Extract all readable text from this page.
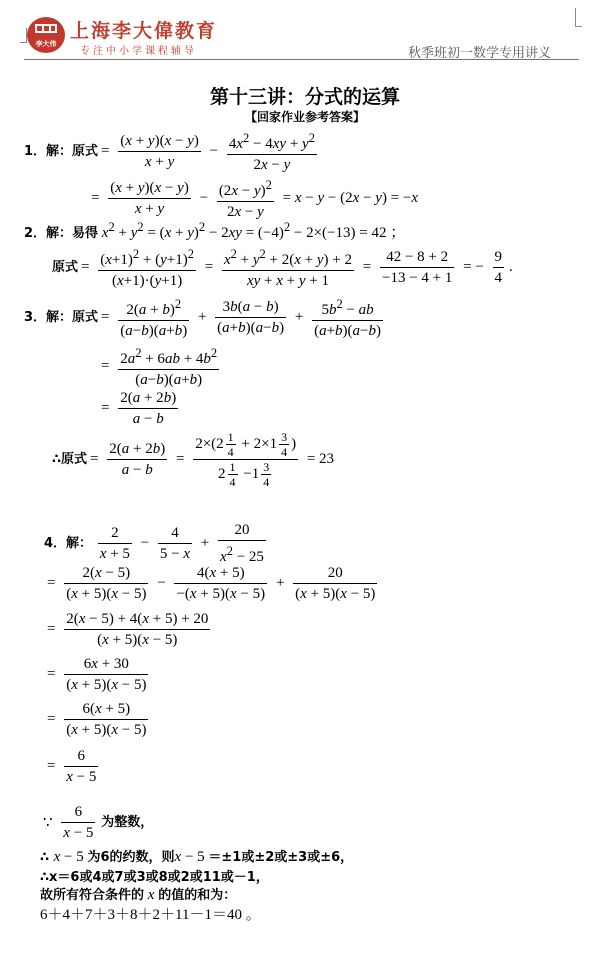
李大伟
上海李大偉教育
专注中小学课程辅导	秋季班初一数学专用讲义
第十三讲：分式的运算
【回家作业参考答案】
1．解：原式 = $\frac{(x + y)(x - y)}{x + y} - \frac{4x^2 - 4xy + y^2}{2x - y}$
= $\frac{(x + y)(x - y)}{x + y} - \frac{(2x - y)^2}{2x - y} = x - y - (2x - y) = -x$
2．解：易得 $x^2 + y^2 = (x + y)^2 - 2xy = (-4)^2 - 2\times(-13) = 42$ ；
原式 = $\frac{(x+1)^2 + (y+1)^2}{(x+1)\cdot(y+1)} = \frac{x^2 + y^2 + 2(x + y) + 2}{xy + x + y + 1} = \frac{42 - 8 + 2}{-13 - 4 + 1}$ = − $\frac{9}{4}$ .
3．解：原式 = $\frac{2(a + b)^2}{(a-b)(a+b)} + \frac{3b(a - b)}{(a+b)(a-b)} + \frac{5b^2 - ab}{(a+b)(a-b)}$
= $\frac{2a^2 + 6ab + 4b^2}{(a-b)(a+b)}$
= $\frac{2(a + 2b)}{a - b}$
∴原式 = $\frac{2(a + 2b)}{a - b} = \frac{2\times(2 \frac{1}{4} + 2\times 1 \frac{3}{4} )}{2 \frac{1}{4} -1 \frac{3}{4}} = 23$
4．解： $\frac{2}{x + 5} - \frac{4}{5 - x} + \frac{20}{x^2 - 25}$
= $\frac{2(x - 5)}{(x + 5)(x - 5)} - \frac{4(x + 5)}{-(x + 5)(x - 5)} + \frac{20}{(x + 5)(x - 5)}$
= $\frac{2(x - 5) + 4(x + 5) + 20}{(x + 5)(x - 5)}$
= $\frac{6x + 30}{(x + 5)(x - 5)}$
= $\frac{6(x + 5)}{(x + 5)(x - 5)}$
= $\frac{6}{x - 5}$
∵ $\frac{6}{x - 5}$ 为整数，
∴ x − 5 为6的约数，则x − 5 ＝±1或±2或±3或±6，
∴x＝6或4或7或3或8或2或11或－1，
故所有符合条件的 x 的值的和为：
6＋4＋7＋3＋8＋2＋11－1＝40 。
